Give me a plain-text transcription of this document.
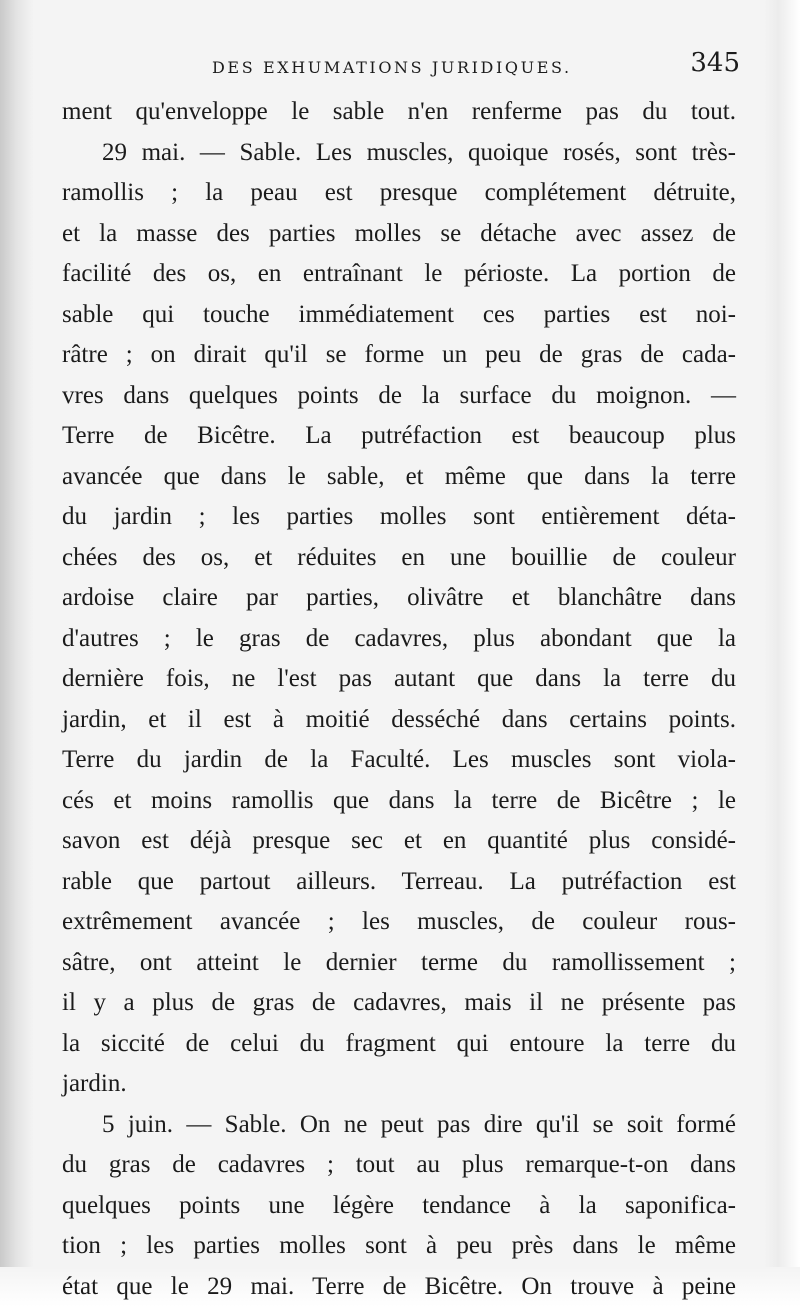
DES EXHUMATIONS JURIDIQUES.	345
ment qu'enveloppe le sable n'en renferme pas du tout.
29 mai. — Sable. Les muscles, quoique rosés, sont très-
ramollis ; la peau est presque complétement détruite,
et la masse des parties molles se détache avec assez de
facilité des os, en entraînant le périoste. La portion de
sable qui touche immédiatement ces parties est noi-
râtre ; on dirait qu'il se forme un peu de gras de cada-
vres dans quelques points de la surface du moignon. —
Terre de Bicêtre. La putréfaction est beaucoup plus
avancée que dans le sable, et même que dans la terre
du jardin ; les parties molles sont entièrement déta-
chées des os, et réduites en une bouillie de couleur
ardoise claire par parties, olivâtre et blanchâtre dans
d'autres ; le gras de cadavres, plus abondant que la
dernière fois, ne l'est pas autant que dans la terre du
jardin, et il est à moitié desséché dans certains points.
Terre du jardin de la Faculté. Les muscles sont viola-
cés et moins ramollis que dans la terre de Bicêtre ; le
savon est déjà presque sec et en quantité plus considé-
rable que partout ailleurs. Terreau. La putréfaction est
extrêmement avancée ; les muscles, de couleur rous-
sâtre, ont atteint le dernier terme du ramollissement ;
il y a plus de gras de cadavres, mais il ne présente pas
la siccité de celui du fragment qui entoure la terre du
jardin.
5 juin. — Sable. On ne peut pas dire qu'il se soit formé
du gras de cadavres ; tout au plus remarque-t-on dans
quelques points une légère tendance à la saponifica-
tion ; les parties molles sont à peu près dans le même
état que le 29 mai. Terre de Bicêtre. On trouve à peine
